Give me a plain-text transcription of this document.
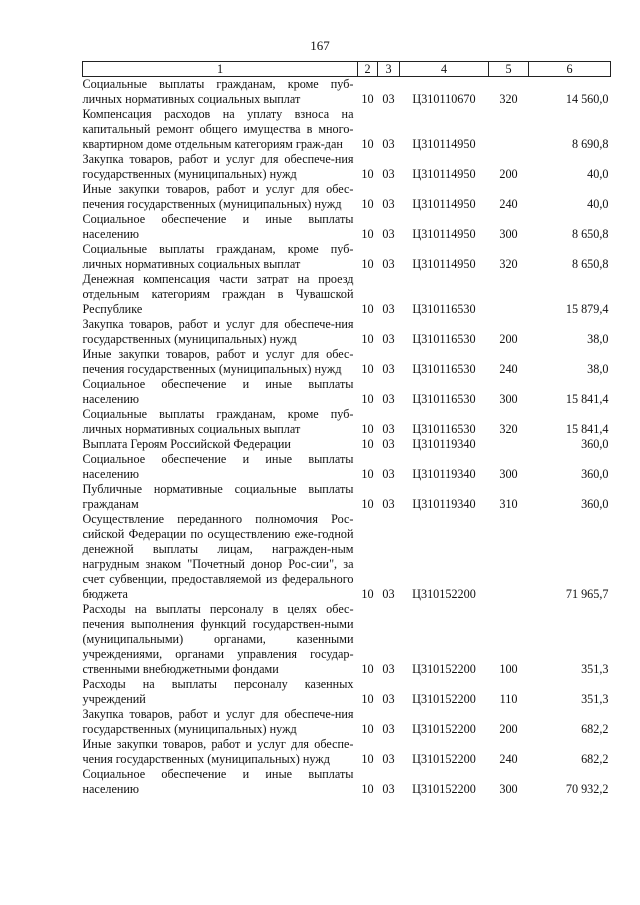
167
1	2	3	4	5	6
Социальные выплаты гражданам, кроме пуб-личных нормативных социальных выплат	10	03	Ц310110670	320	14 560,0
Компенсация расходов на уплату взноса на капитальный ремонт общего имущества в много-квартирном доме отдельным категориям граж-дан	10	03	Ц310114950		8 690,8
Закупка товаров, работ и услуг для обеспече-ния государственных (муниципальных) нужд	10	03	Ц310114950	200	40,0
Иные закупки товаров, работ и услуг для обес-печения государственных (муниципальных) нужд	10	03	Ц310114950	240	40,0
Социальное обеспечение и иные выплаты населению	10	03	Ц310114950	300	8 650,8
Социальные выплаты гражданам, кроме пуб-личных нормативных социальных выплат	10	03	Ц310114950	320	8 650,8
Денежная компенсация части затрат на проезд отдельным категориям граждан в Чувашской Республике	10	03	Ц310116530		15 879,4
Закупка товаров, работ и услуг для обеспече-ния государственных (муниципальных) нужд	10	03	Ц310116530	200	38,0
Иные закупки товаров, работ и услуг для обес-печения государственных (муниципальных) нужд	10	03	Ц310116530	240	38,0
Социальное обеспечение и иные выплаты населению	10	03	Ц310116530	300	15 841,4
Социальные выплаты гражданам, кроме пуб-личных нормативных социальных выплат	10	03	Ц310116530	320	15 841,4
Выплата Героям Российской Федерации	10	03	Ц310119340		360,0
Социальное обеспечение и иные выплаты населению	10	03	Ц310119340	300	360,0
Публичные нормативные социальные выплаты гражданам	10	03	Ц310119340	310	360,0
Осуществление переданного полномочия Рос-сийской Федерации по осуществлению еже-годной денежной выплаты лицам, награжден-ным нагрудным знаком "Почетный донор Рос-сии", за счет субвенции, предоставляемой из федерального бюджета	10	03	Ц310152200		71 965,7
Расходы на выплаты персоналу в целях обес-печения выполнения функций государствен-ными (муниципальными) органами, казенными учреждениями, органами управления государ-ственными внебюджетными фондами	10	03	Ц310152200	100	351,3
Расходы на выплаты персоналу казенных учреждений	10	03	Ц310152200	110	351,3
Закупка товаров, работ и услуг для обеспече-ния государственных (муниципальных) нужд	10	03	Ц310152200	200	682,2
Иные закупки товаров, работ и услуг для обеспе-чения государственных (муниципальных) нужд	10	03	Ц310152200	240	682,2
Социальное обеспечение и иные выплаты населению	10	03	Ц310152200	300	70 932,2
